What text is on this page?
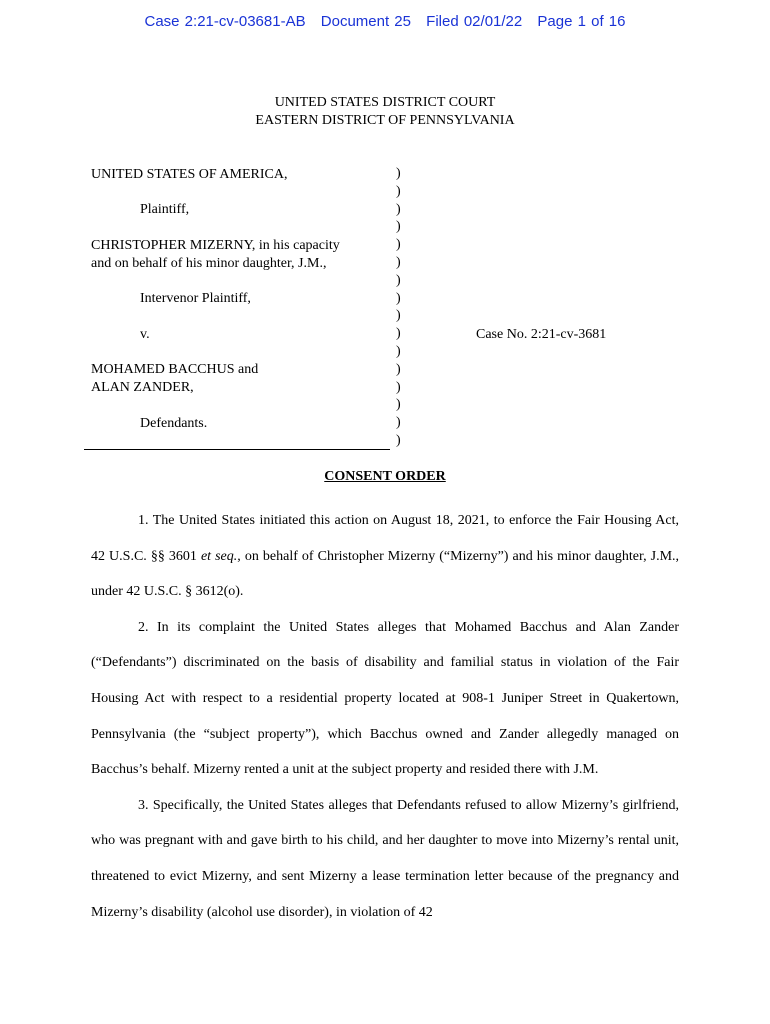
Case 2:21-cv-03681-AB Document 25 Filed 02/01/22 Page 1 of 16
UNITED STATES DISTRICT COURT
EASTERN DISTRICT OF PENNSYLVANIA
UNITED STATES OF AMERICA,
Plaintiff,
CHRISTOPHER MIZERNY, in his capacity
and on behalf of his minor daughter, J.M.,
Intervenor Plaintiff,
v.
MOHAMED BACCHUS and
ALAN ZANDER,
Defendants.
)
)
)
)
)
)
)
)
)
)
)
)
)
)
)
)
Case No. 2:21-cv-3681
CONSENT ORDER

1. The United States initiated this action on August 18, 2021, to enforce the Fair Housing Act, 42 U.S.C. §§ 3601 et seq., on behalf of Christopher Mizerny (“Mizerny”) and his minor daughter, J.M., under 42 U.S.C. § 3612(o).

2. In its complaint the United States alleges that Mohamed Bacchus and Alan Zander (“Defendants”) discriminated on the basis of disability and familial status in violation of the Fair Housing Act with respect to a residential property located at 908-1 Juniper Street in Quakertown, Pennsylvania (the “subject property”), which Bacchus owned and Zander allegedly managed on Bacchus’s behalf. Mizerny rented a unit at the subject property and resided there with J.M.

3. Specifically, the United States alleges that Defendants refused to allow Mizerny’s girlfriend, who was pregnant with and gave birth to his child, and her daughter to move into Mizerny’s rental unit, threatened to evict Mizerny, and sent Mizerny a lease termination letter because of the pregnancy and Mizerny’s disability (alcohol use disorder), in violation of 42
